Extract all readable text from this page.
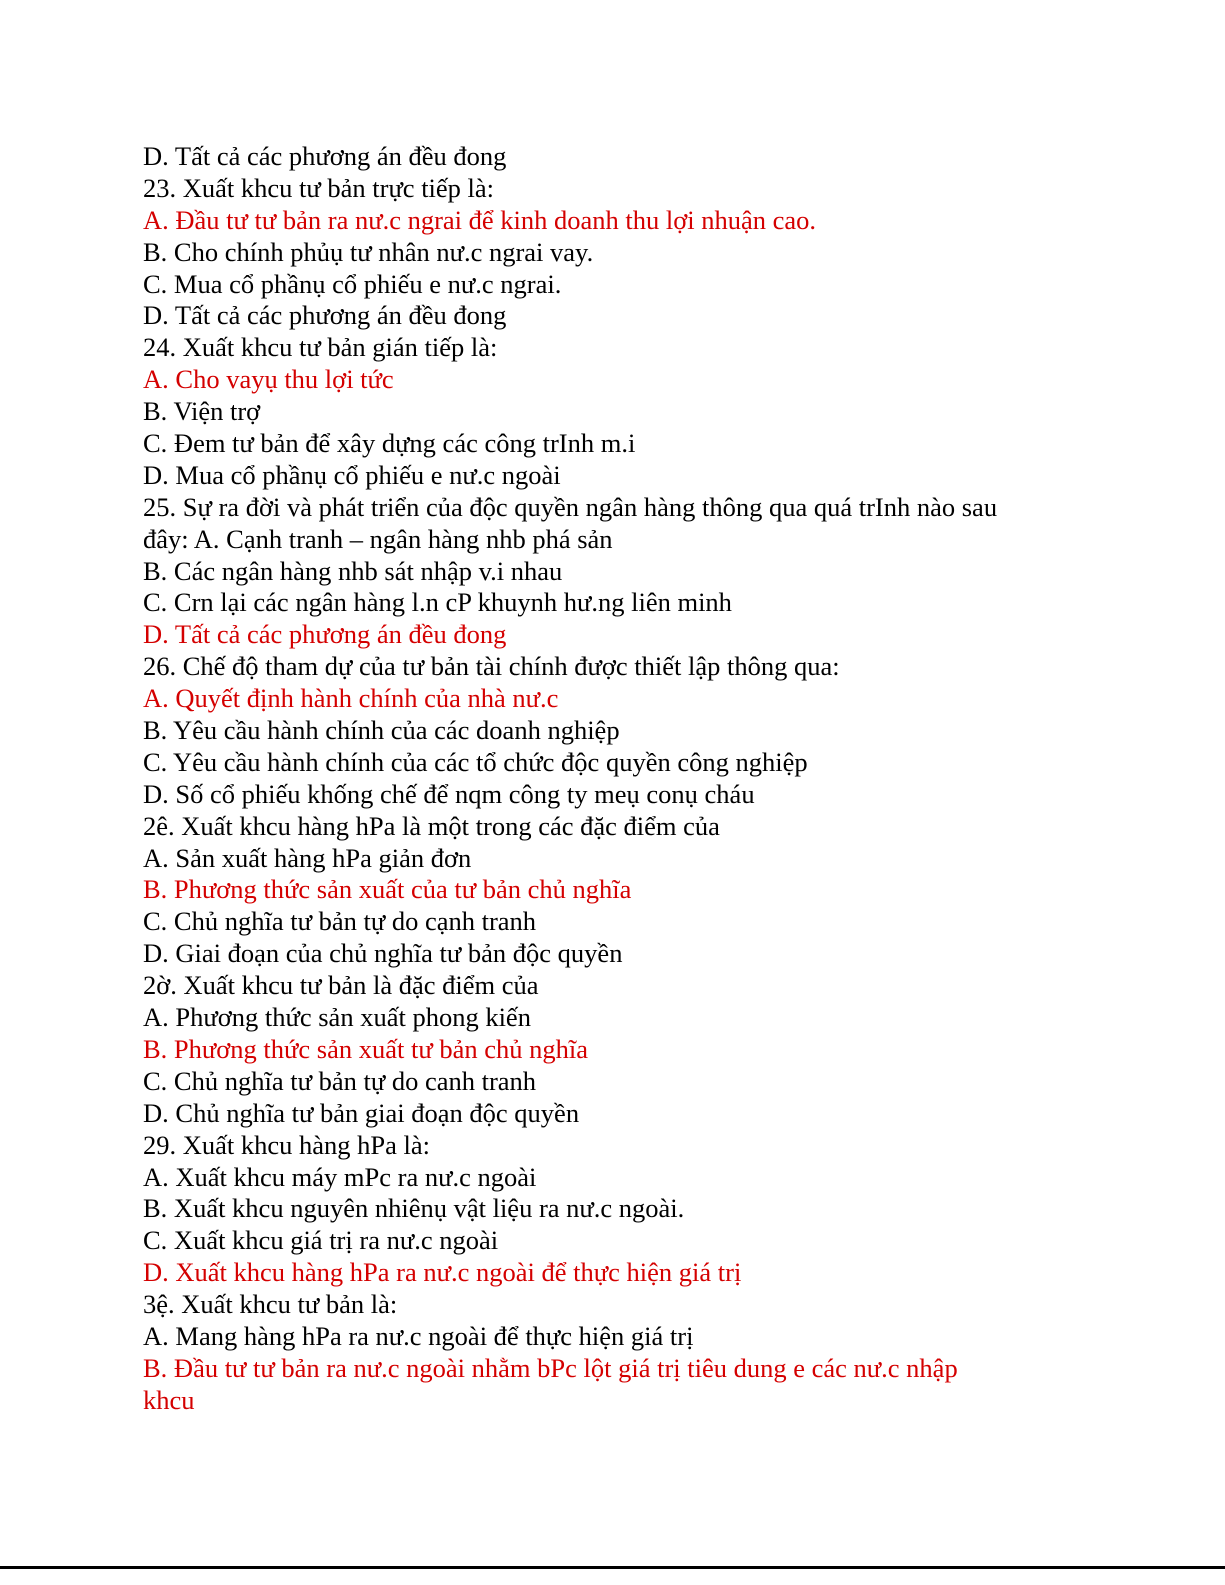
D. Tất cả các phương án đều đong
23. Xuất khcu tư bản trực tiếp là:
A. Đầu tư tư bản ra nư.c ngrai để kinh doanh thu lợi nhuận cao.
B. Cho chính phủụ tư nhân nư.c ngrai vay.
C. Mua cổ phầnụ cổ phiếu e nư.c ngrai.
D. Tất cả các phương án đều đong
24. Xuất khcu tư bản gián tiếp là:
A. Cho vayụ thu lợi tức
B. Viện trợ
C. Đem tư bản để xây dựng các công trInh m.i
D. Mua cổ phầnụ cổ phiếu e nư.c ngoài
25. Sự ra đời và phát triển của độc quyền ngân hàng thông qua quá trInh nào sau
đây: A. Cạnh tranh – ngân hàng nhb phá sản
B. Các ngân hàng nhb sát nhập v.i nhau
C. Crn lại các ngân hàng l.n cP khuynh hư.ng liên minh
D. Tất cả các phương án đều đong
26. Chế độ tham dự của tư bản tài chính được thiết lập thông qua:
A. Quyết định hành chính của nhà nư.c
B. Yêu cầu hành chính của các doanh nghiệp
C. Yêu cầu hành chính của các tổ chức độc quyền công nghiệp
D. Số cổ phiếu khống chế để nqm công ty meụ conụ cháu
2ê. Xuất khcu hàng hPa là một trong các đặc điểm của
A. Sản xuất hàng hPa giản đơn
B. Phương thức sản xuất của tư bản chủ nghĩa
C. Chủ nghĩa tư bản tự do cạnh tranh
D. Giai đoạn của chủ nghĩa tư bản độc quyền
2ờ. Xuất khcu tư bản là đặc điểm của
A. Phương thức sản xuất phong kiến
B. Phương thức sản xuất tư bản chủ nghĩa
C. Chủ nghĩa tư bản tự do canh tranh
D. Chủ nghĩa tư bản giai đoạn độc quyền
29. Xuất khcu hàng hPa là:
A. Xuất khcu máy mPc ra nư.c ngoài
B. Xuất khcu nguyên nhiênụ vật liệu ra nư.c ngoài.
C. Xuất khcu giá trị ra nư.c ngoài
D. Xuất khcu hàng hPa ra nư.c ngoài để thực hiện giá trị
3ệ. Xuất khcu tư bản là:
A. Mang hàng hPa ra nư.c ngoài để thực hiện giá trị
B. Đầu tư tư bản ra nư.c ngoài nhằm bPc lột giá trị tiêu dung e các nư.c nhập
khcu
